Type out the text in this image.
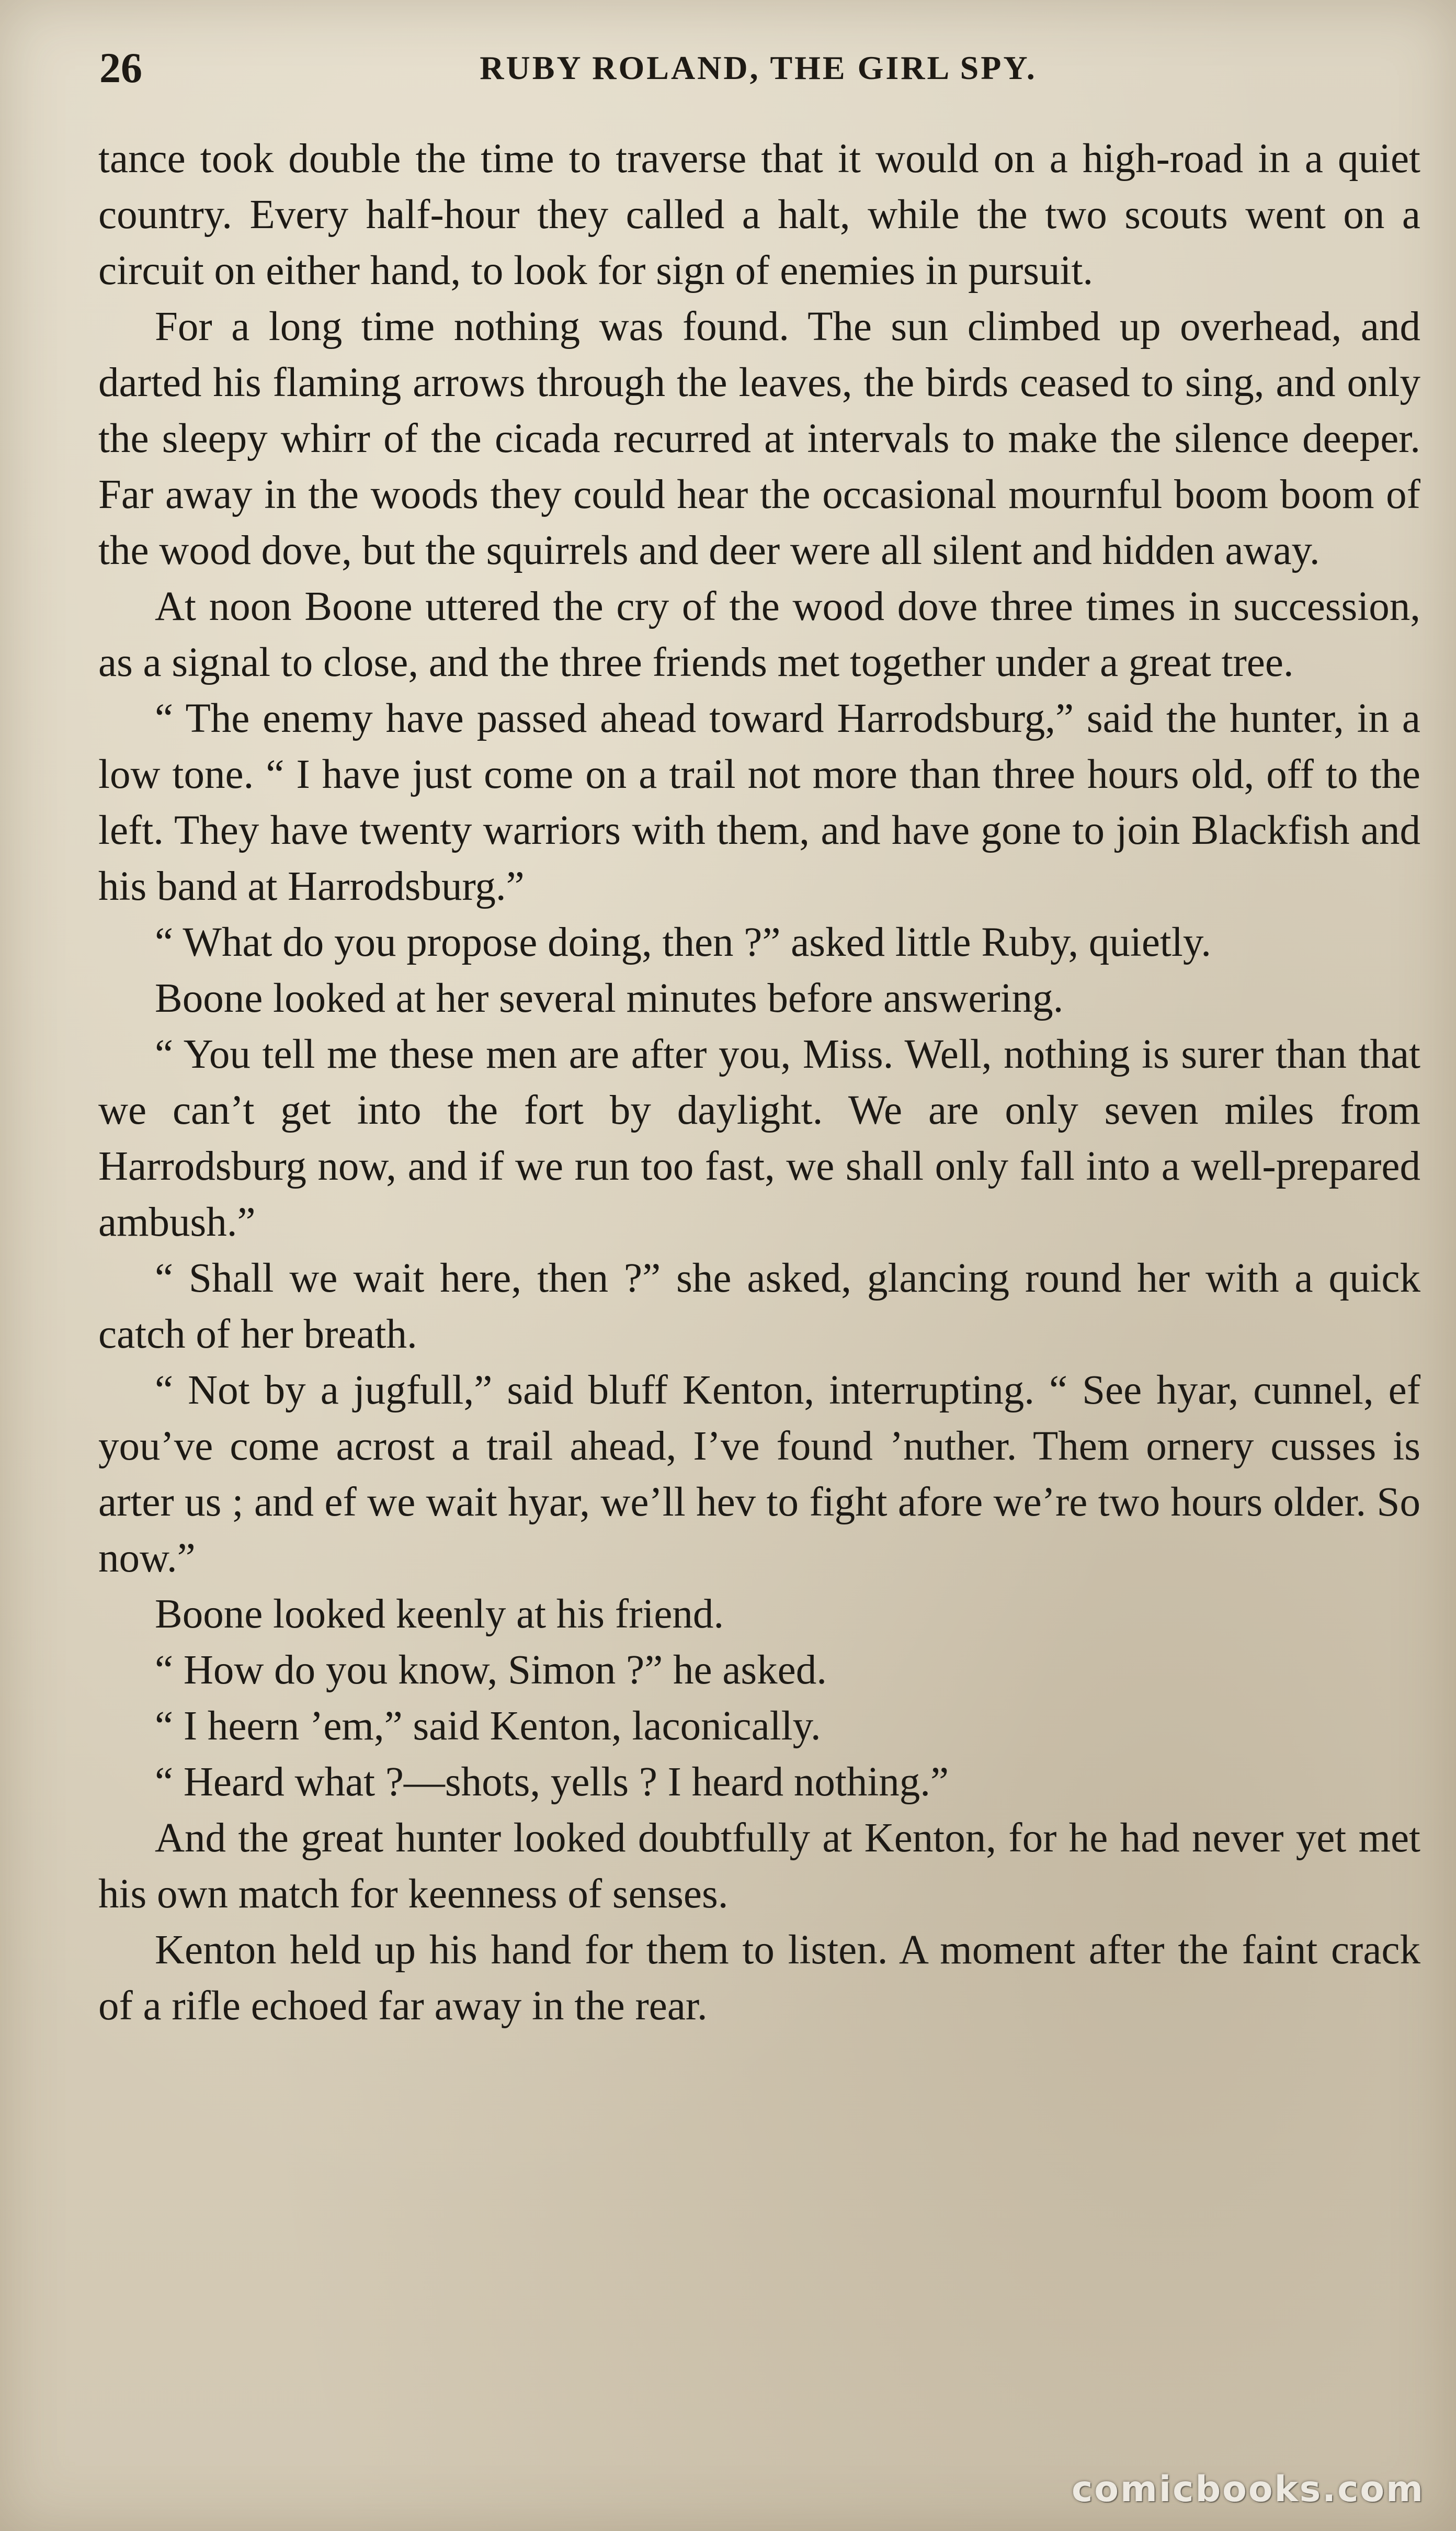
26	RUBY ROLAND, THE GIRL SPY.

tance took double the time to traverse that it would on a high-road in a quiet country. Every half-hour they called a halt, while the two scouts went on a circuit on either hand, to look for sign of enemies in pursuit.

For a long time nothing was found. The sun climbed up overhead, and darted his flaming arrows through the leaves, the birds ceased to sing, and only the sleepy whirr of the cicada recurred at intervals to make the silence deeper. Far away in the woods they could hear the occasional mournful boom boom of the wood dove, but the squirrels and deer were all silent and hidden away.

At noon Boone uttered the cry of the wood dove three times in succession, as a signal to close, and the three friends met together under a great tree.

“ The enemy have passed ahead toward Harrodsburg,” said the hunter, in a low tone. “ I have just come on a trail not more than three hours old, off to the left. They have twenty warriors with them, and have gone to join Blackfish and his band at Harrodsburg.”

“ What do you propose doing, then ?” asked little Ruby, quietly.

Boone looked at her several minutes before answering.

“ You tell me these men are after you, Miss. Well, nothing is surer than that we can’t get into the fort by daylight. We are only seven miles from Harrodsburg now, and if we run too fast, we shall only fall into a well-prepared ambush.”

“ Shall we wait here, then ?” she asked, glancing round her with a quick catch of her breath.

“ Not by a jugfull,” said bluff Kenton, interrupting. “ See hyar, cunnel, ef you’ve come acrost a trail ahead, I’ve found ’nuther. Them ornery cusses is arter us ; and ef we wait hyar, we’ll hev to fight afore we’re two hours older. So now.”

Boone looked keenly at his friend.

“ How do you know, Simon ?” he asked.

“ I heern ’em,” said Kenton, laconically.

“ Heard what ?—shots, yells ? I heard nothing.”

And the great hunter looked doubtfully at Kenton, for he had never yet met his own match for keenness of senses.

Kenton held up his hand for them to listen. A moment after the faint crack of a rifle echoed far away in the rear.

comicbooks.com
